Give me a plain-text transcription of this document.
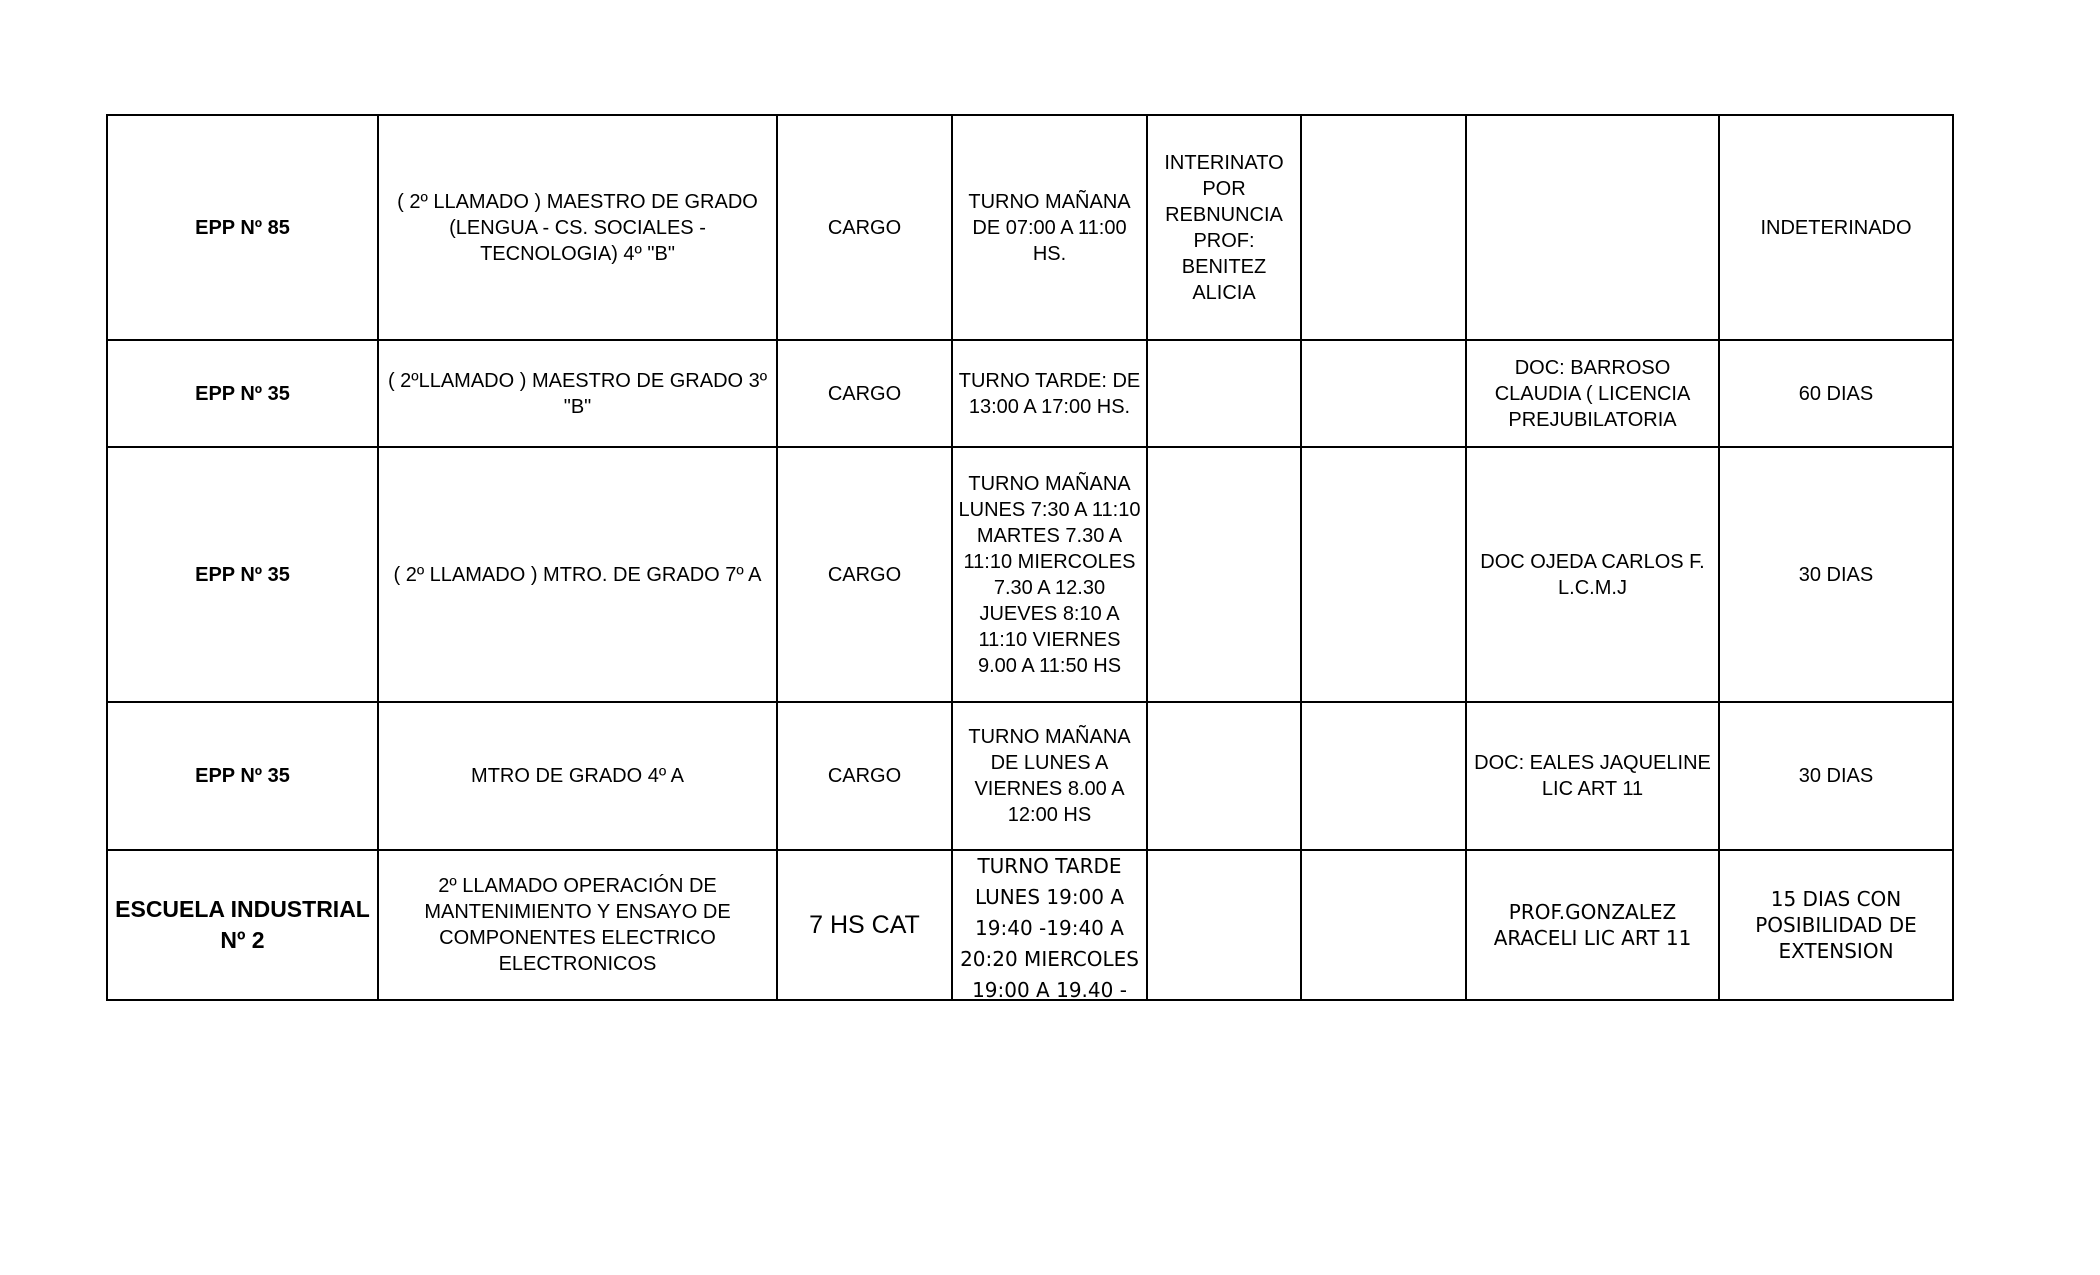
EPP Nº 85	( 2º LLAMADO ) MAESTRO DE GRADO (LENGUA - CS. SOCIALES - TECNOLOGIA) 4º "B"	CARGO	TURNO MAÑANA DE 07:00 A 11:00 HS.	INTERINATO POR REBNUNCIA PROF: BENITEZ ALICIA			INDETERINADO
EPP Nº 35	( 2ºLLAMADO ) MAESTRO DE GRADO 3º "B"	CARGO	TURNO TARDE: DE 13:00 A 17:00 HS.			DOC: BARROSO CLAUDIA ( LICENCIA PREJUBILATORIA	60 DIAS
EPP Nº 35	( 2º LLAMADO ) MTRO. DE GRADO 7º A	CARGO	TURNO MAÑANA LUNES 7:30 A 11:10 MARTES 7.30 A 11:10 MIERCOLES 7.30 A 12.30 JUEVES 8:10 A 11:10 VIERNES 9.00 A 11:50 HS			DOC OJEDA CARLOS F. L.C.M.J	30 DIAS
EPP Nº 35	MTRO DE GRADO 4º A	CARGO	TURNO MAÑANA DE LUNES A VIERNES 8.00 A 12:00 HS			DOC: EALES JAQUELINE LIC ART 11	30 DIAS
ESCUELA INDUSTRIAL Nº 2	2º LLAMADO OPERACIÓN DE MANTENIMIENTO Y ENSAYO DE COMPONENTES ELECTRICO ELECTRONICOS	7 HS CAT	TURNO TARDE LUNES 19:00 A 19:40 -19:40 A 20:20 MIERCOLES 19:00 A 19.40 -			PROF.GONZALEZ ARACELI LIC ART 11	15 DIAS CON POSIBILIDAD DE EXTENSION
